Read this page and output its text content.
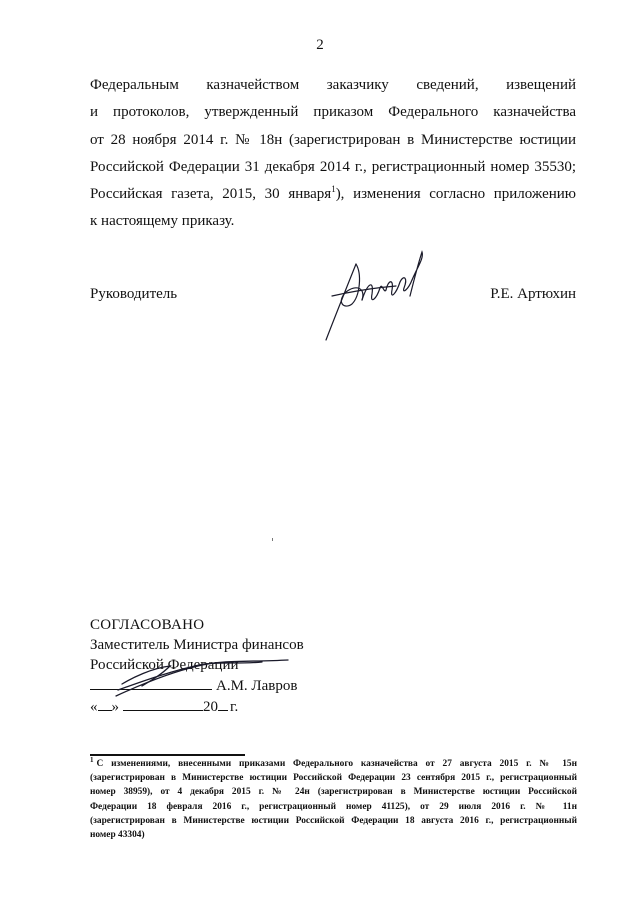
2
Федеральным казначейством заказчику сведений, извещений
и протоколов, утвержденный приказом Федерального казначейства
от 28 ноября 2014 г. № 18н (зарегистрирован в Министерстве юстиции
Российской Федерации 31 декабря 2014 г., регистрационный номер 35530;
Российская газета, 2015, 30 января$^1$), изменения согласно приложению
к настоящему приказу.
Руководитель	Р.Е. Артюхин
СОГЛАСОВАНО
Заместитель Министра финансов
Российской Федерации
А.М. Лавров
« »	20 г.
$^1$ С изменениями, внесенными приказами Федерального казначейства от 27 августа 2015 г. № 15н
(зарегистрирован в Министерстве юстиции Российской Федерации 23 сентября 2015 г., регистрационный
номер 38959), от 4 декабря 2015 г. № 24н (зарегистрирован в Министерстве юстиции Российской
Федерации 18 февраля 2016 г., регистрационный номер 41125), от 29 июля 2016 г. № 11н
(зарегистрирован в Министерстве юстиции Российской Федерации 18 августа 2016 г., регистрационный
номер 43304)
